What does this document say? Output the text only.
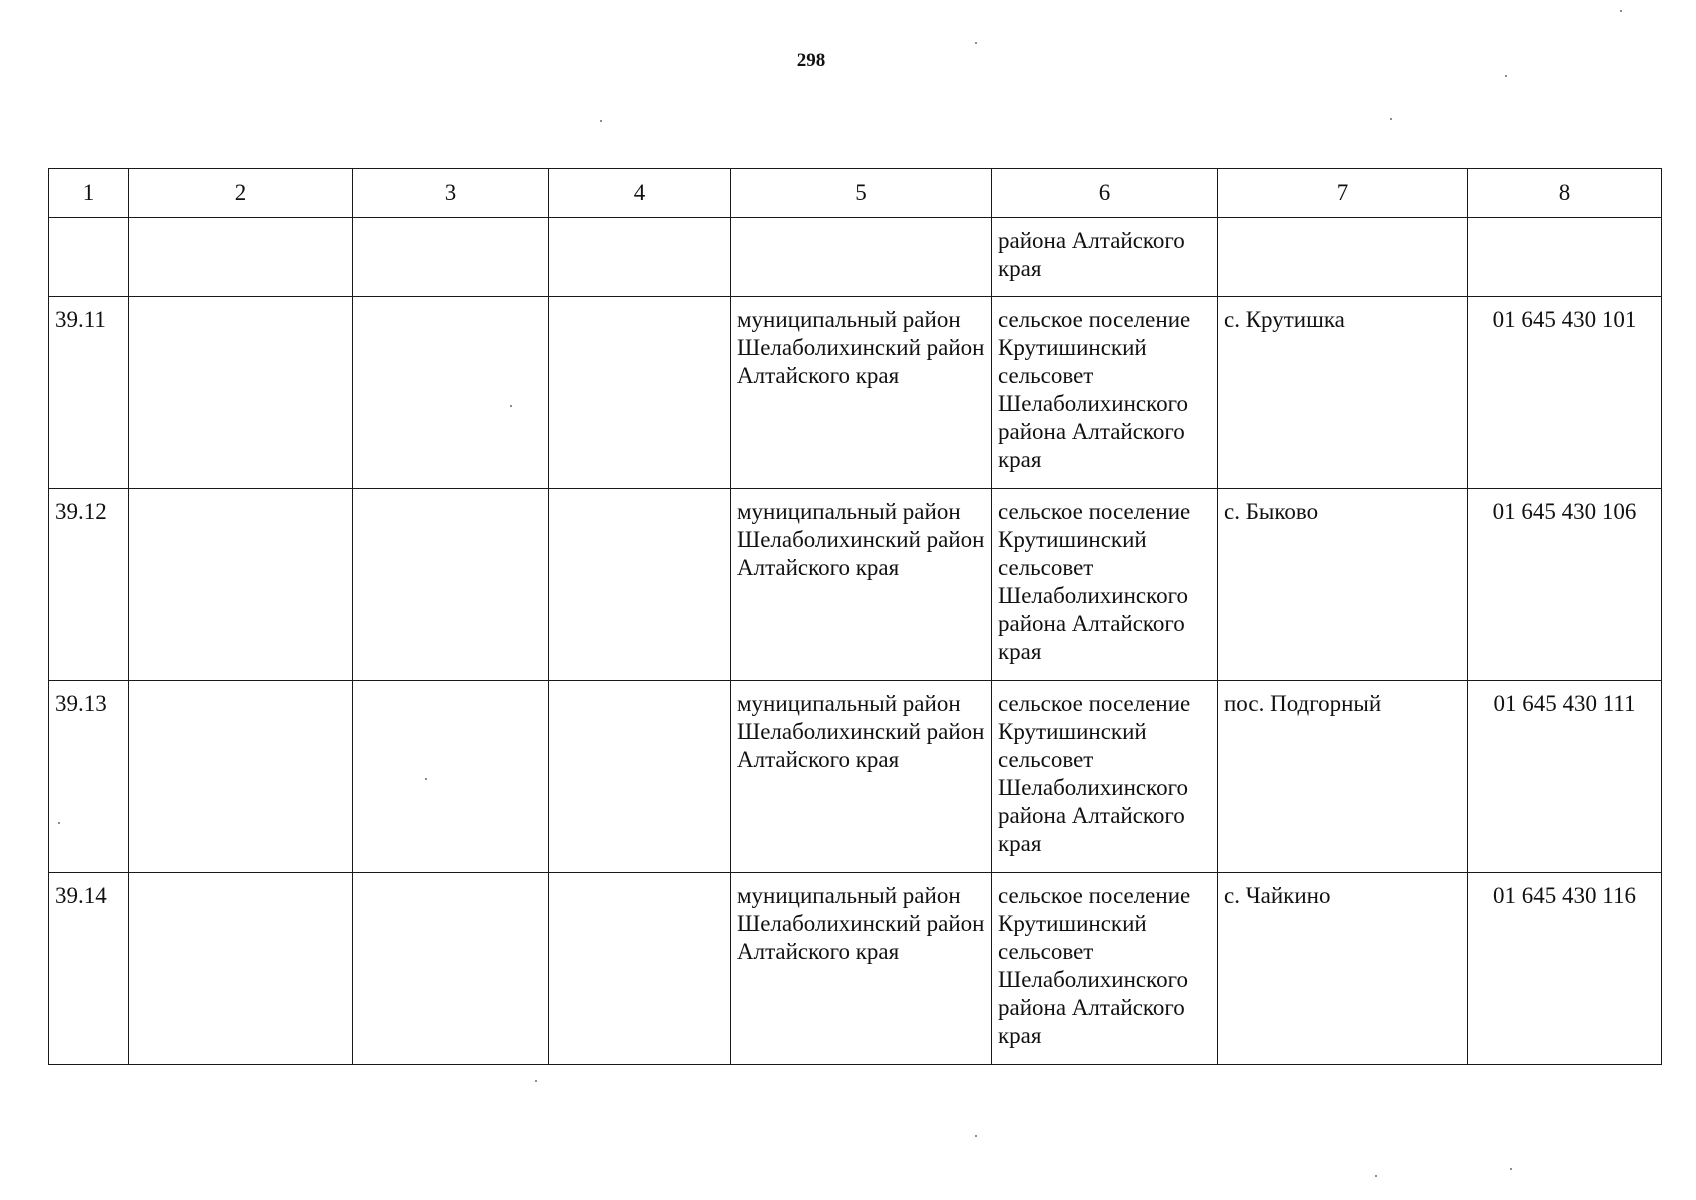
298
1	2	3	4	5	6	7	8
					района Алтайского края		
39.11				муниципальный район Шелаболихинский район Алтайского края	сельское поселение Крутишинский сельсовет Шелаболихинского района Алтайского края	с. Крутишка	01 645 430 101
39.12				муниципальный район Шелаболихинский район Алтайского края	сельское поселение Крутишинский сельсовет Шелаболихинского района Алтайского края	с. Быково	01 645 430 106
39.13				муниципальный район Шелаболихинский район Алтайского края	сельское поселение Крутишинский сельсовет Шелаболихинского района Алтайского края	пос. Подгорный	01 645 430 111
39.14				муниципальный район Шелаболихинский район Алтайского края	сельское поселение Крутишинский сельсовет Шелаболихинского района Алтайского края	с. Чайкино	01 645 430 116
